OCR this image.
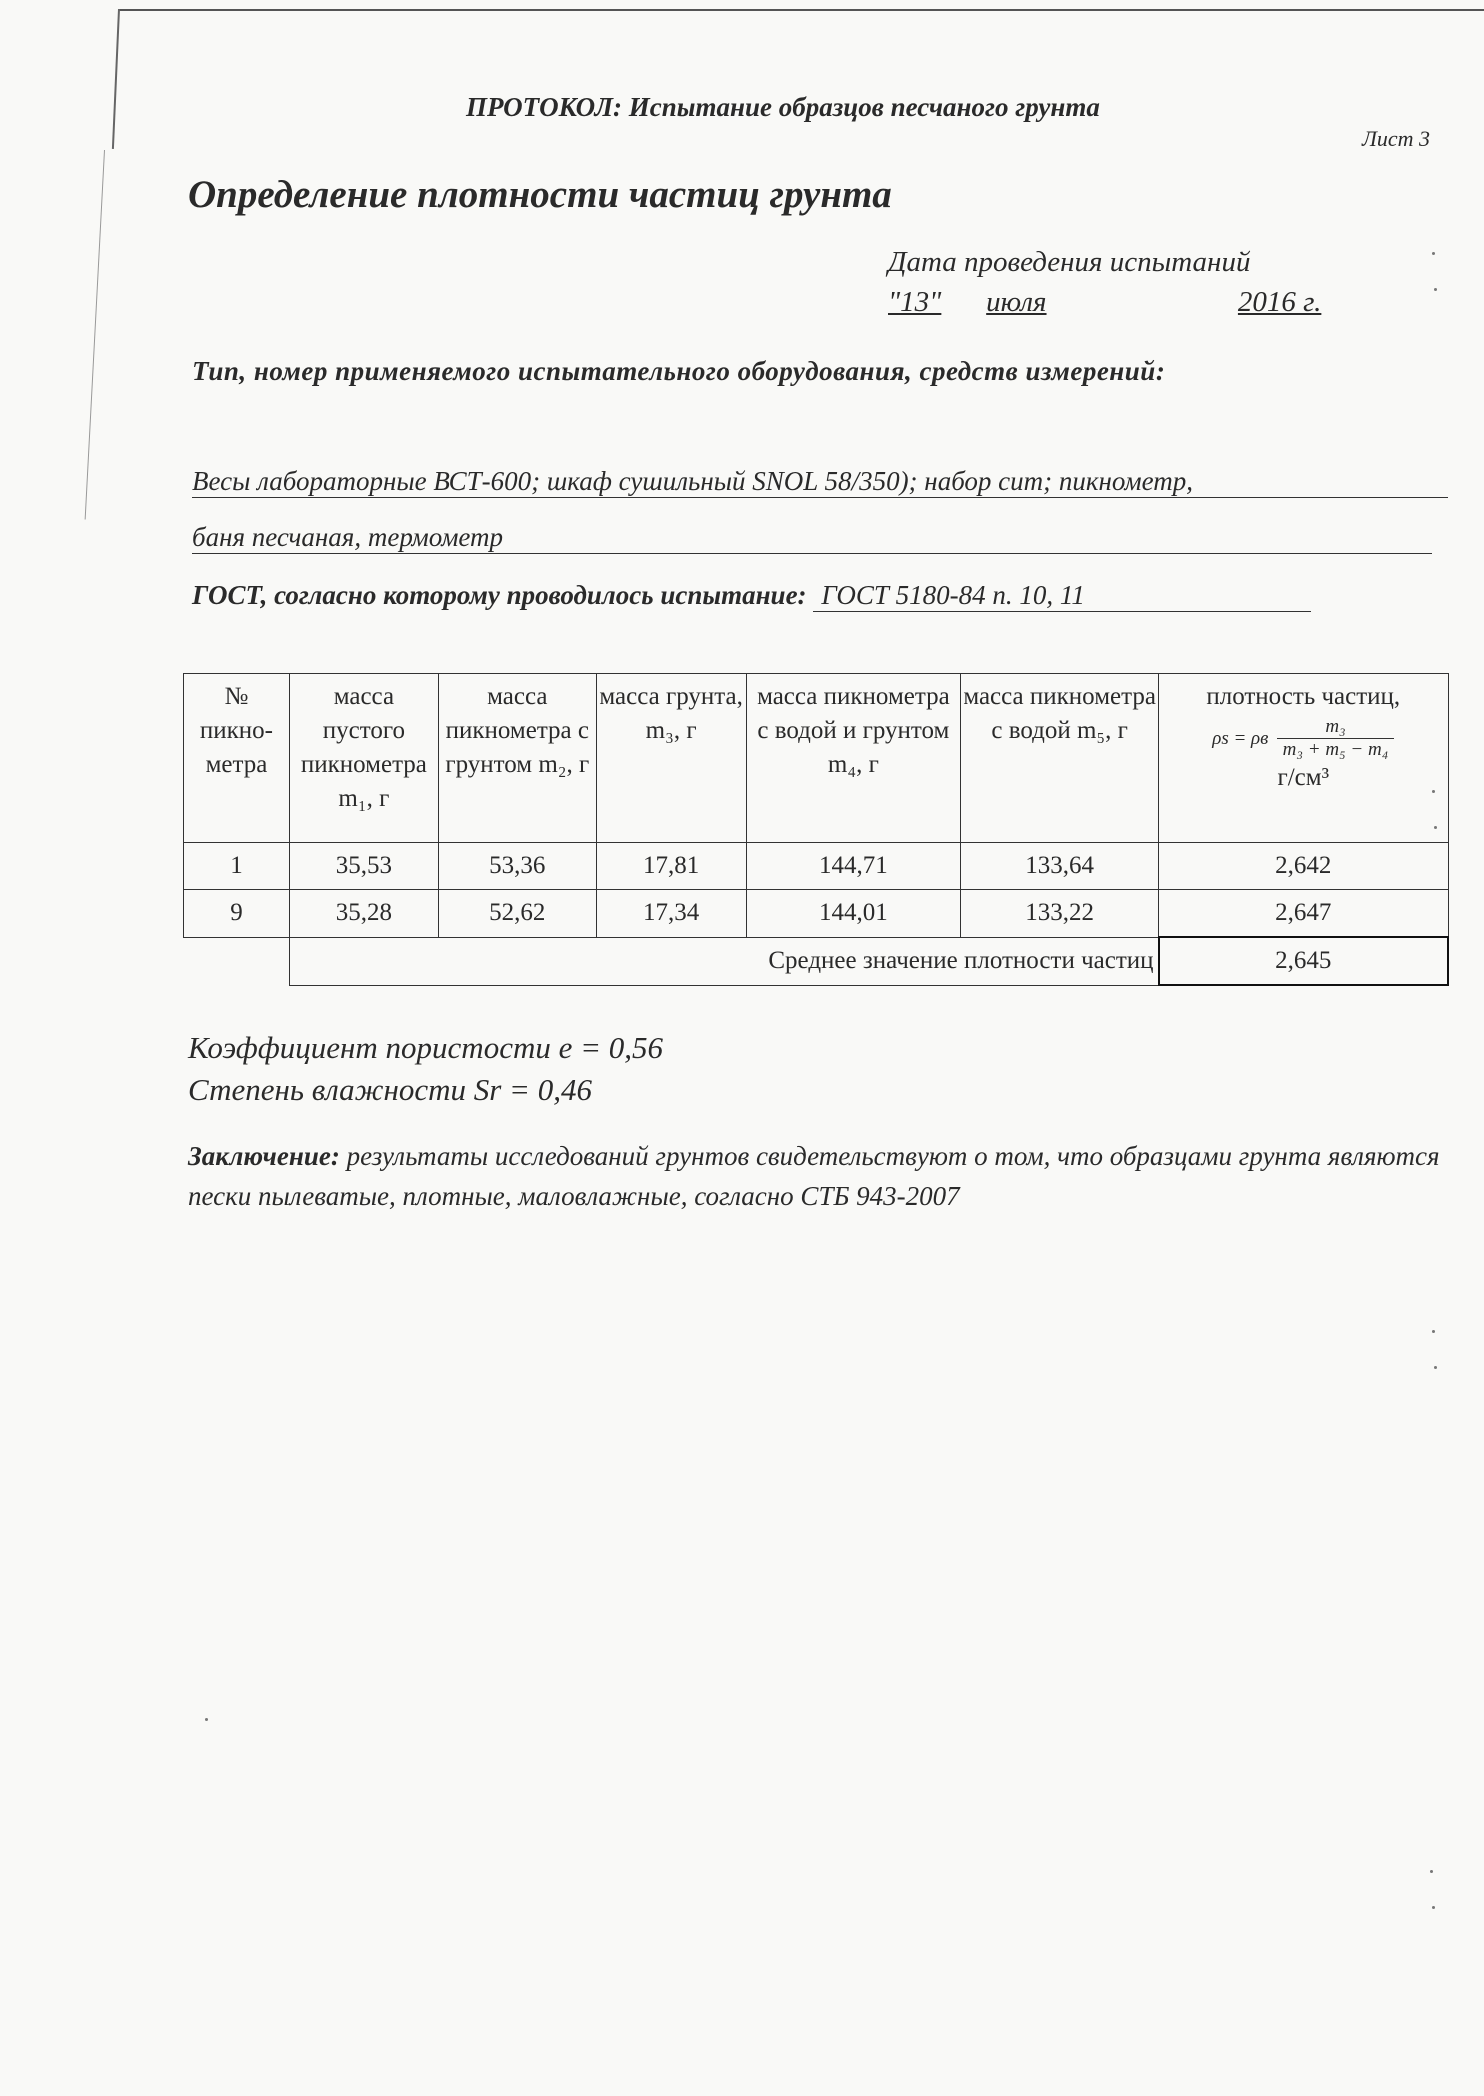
ПРОТОКОЛ: Испытание образцов песчаного грунта
Лист 3
Определение плотности частиц грунта
Дата проведения испытаний
"13" июля	2016 г.
Тип, номер применяемого испытательного оборудования, средств измерений:
Весы лабораторные ВСТ-600; шкаф сушильный SNOL 58/350); набор сит; пикнометр,
баня песчаная, термометр
ГОСТ, согласно которому проводилось испытание: ГОСТ 5180-84 п. 10, 11
№ пикно- метра	масса пустого пикнометра m₁, г	масса пикнометра с грунтом m₂, г	масса грунта, m₃, г	масса пикнометра с водой и грунтом m₄, г	масса пикнометра с водой m₅, г	плотность частиц,
ρs = ρв $\frac{\text{m₃}}{\text{m₃ + m₅ − m₄}}$
г/см³

1	35,53	53,36	17,81	144,71	133,64	2,642
9	35,28	52,62	17,34	144,01	133,22	2,647
	Среднее значение плотности частиц					2,645
Коэффициент пористости e = 0,56
Степень влажности Sr = 0,46
Заключение: результаты исследований грунтов свидетельствуют о том, что образцами грунта являются пески пылеватые, плотные, маловлажные, согласно СТБ 943-2007
